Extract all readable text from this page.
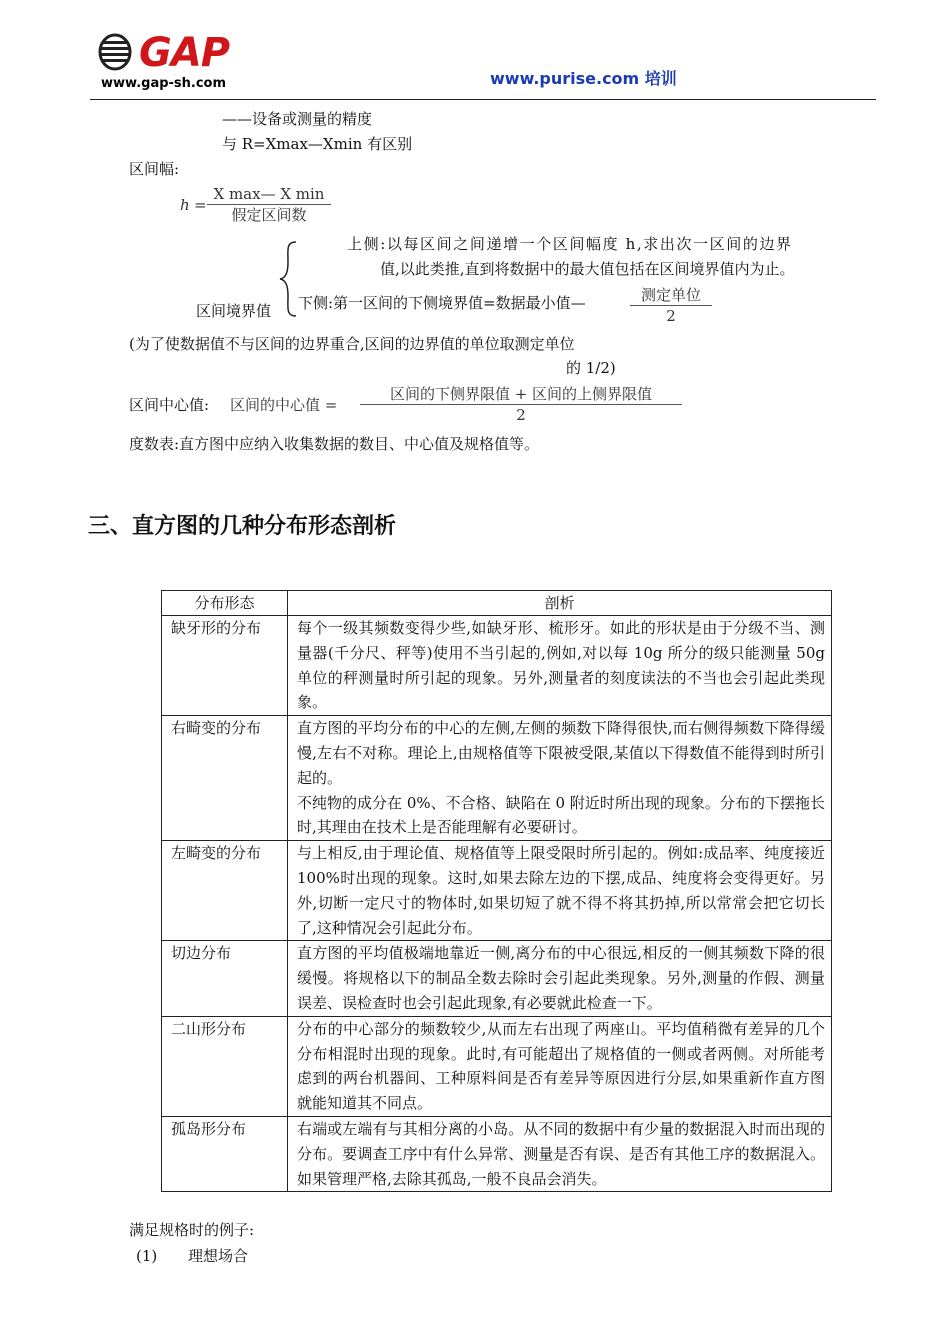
GAP
www.gap-sh.com	www.purise.com 培训
——设备或测量的精度
与 R=Xmax—Xmin 有区别
区间幅:
h =
X max— X min
假定区间数
上侧:以每区间之间递增一个区间幅度 h,求出次一区间的边界
值,以此类推,直到将数据中的最大值包括在区间境界值内为止。
区间境界值 下侧:第一区间的下侧境界值=数据最小值—	测定单位
2
(为了使数据值不与区间的边界重合,区间的边界值的单位取测定单位
的 1/2)
区间中心值: 区间的中心值 =
区间的下侧界限值 + 区间的上侧界限值
2
度数表:直方图中应纳入收集数据的数目、中心值及规格值等。
三、直方图的几种分布形态剖析
分布形态	剖析
缺牙形的分布	每个一级其频数变得少些,如缺牙形、梳形牙。如此的形状是由于分级不当、测量器(千分尺、秤等)使用不当引起的,例如,对以每 10g 所分的级只能测量 50g 单位的秤测量时所引起的现象。另外,测量者的刻度读法的不当也会引起此类现象。

右畸变的分布	直方图的平均分布的中心的左侧,左侧的频数下降得很快,而右侧得频数下降得缓慢,左右不对称。理论上,由规格值等下限被受限,某值以下得数值不能得到时所引起的。
不纯物的成分在 0%、不合格、缺陷在 0 附近时所出现的现象。分布的下摆拖长时,其理由在技术上是否能理解有必要研讨。

左畸变的分布	与上相反,由于理论值、规格值等上限受限时所引起的。例如:成品率、纯度接近 100%时出现的现象。这时,如果去除左边的下摆,成品、纯度将会变得更好。另外,切断一定尺寸的物体时,如果切短了就不得不将其扔掉,所以常常会把它切长了,这种情况会引起此分布。

切边分布	直方图的平均值极端地靠近一侧,离分布的中心很远,相反的一侧其频数下降的很缓慢。将规格以下的制品全数去除时会引起此类现象。另外,测量的作假、测量误差、误检查时也会引起此现象,有必要就此检查一下。

二山形分布	分布的中心部分的频数较少,从而左右出现了两座山。平均值稍微有差异的几个分布相混时出现的现象。此时,有可能超出了规格值的一侧或者两侧。对所能考虑到的两台机器间、工种原料间是否有差异等原因进行分层,如果重新作直方图就能知道其不同点。

孤岛形分布	右端或左端有与其相分离的小岛。从不同的数据中有少量的数据混入时而出现的分布。要调查工序中有什么异常、测量是否有误、是否有其他工序的数据混入。如果管理严格,去除其孤岛,一般不良品会消失。
满足规格时的例子:
(1) 理想场合
